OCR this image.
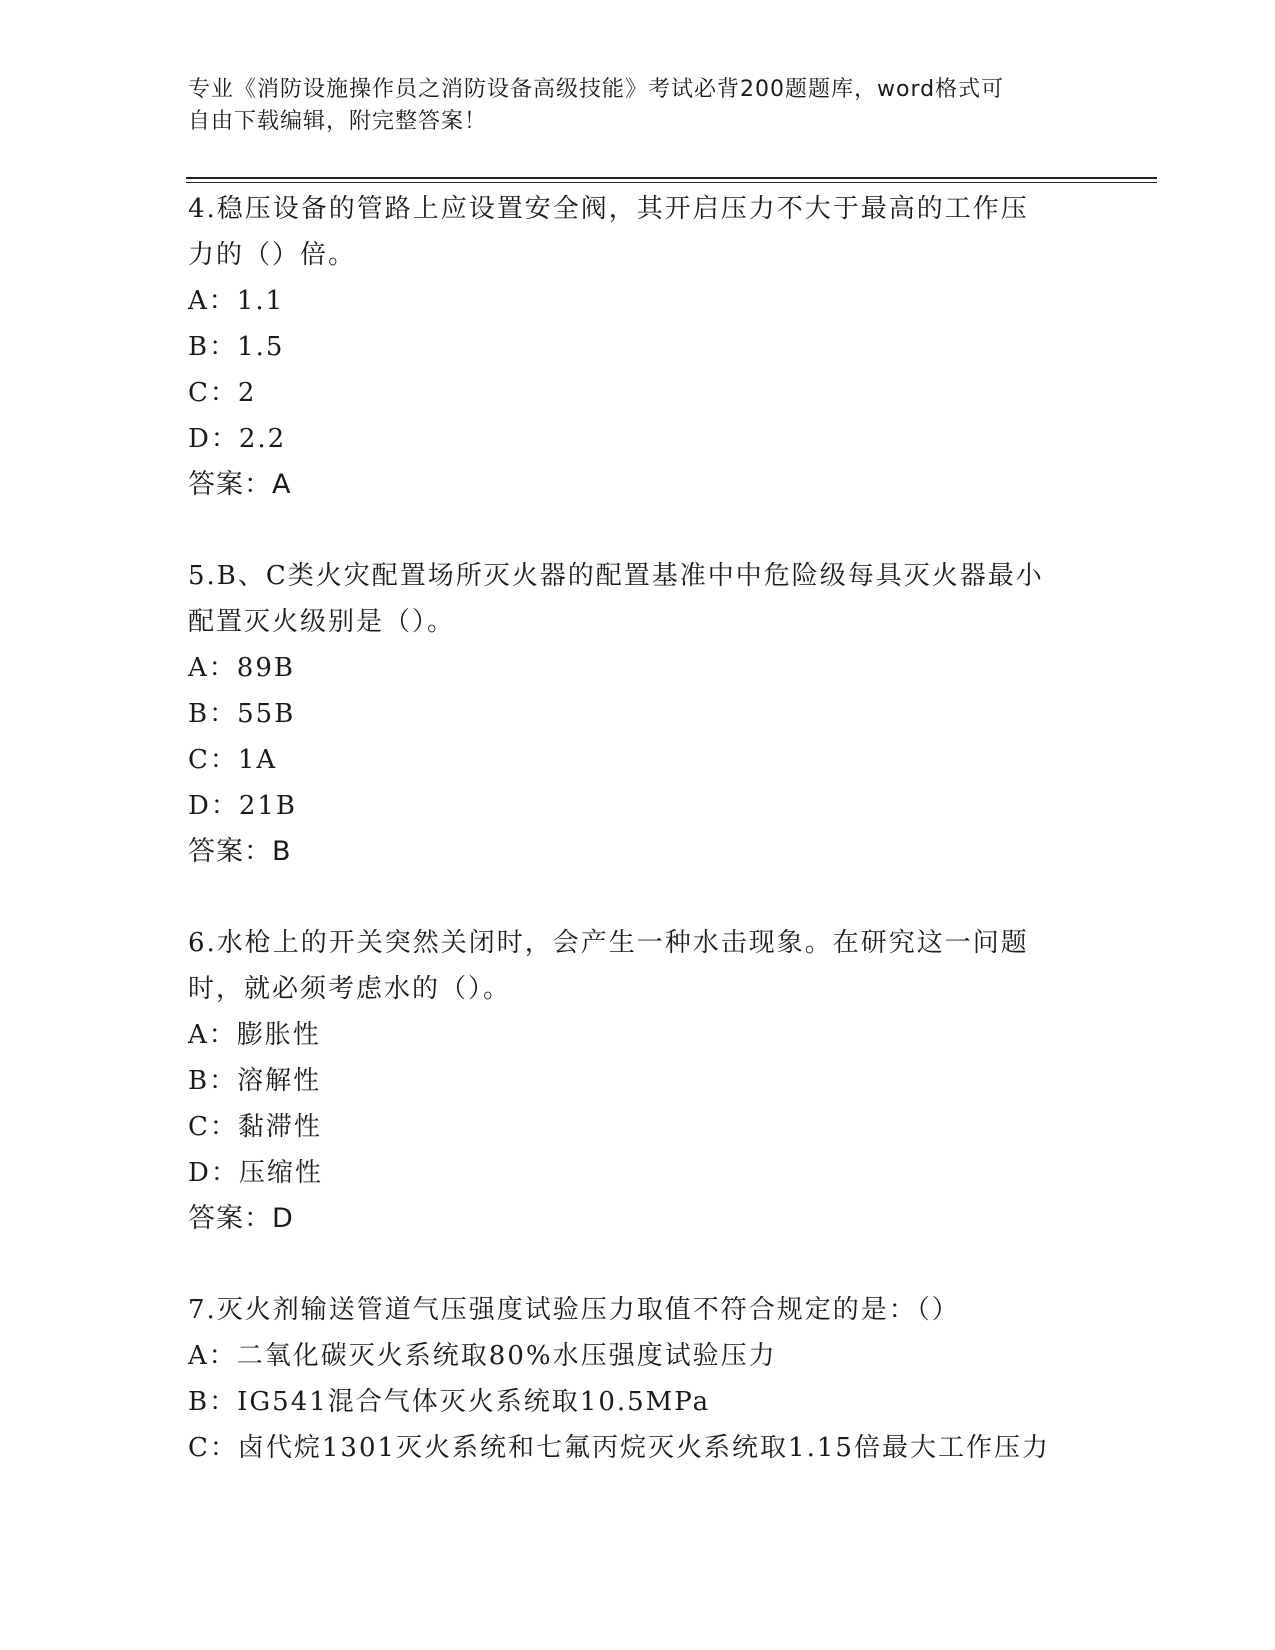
专业《消防设施操作员之消防设备高级技能》考试必背200题题库，word格式可
自由下载编辑，附完整答案！
4.稳压设备的管路上应设置安全阀，其开启压力不大于最高的工作压
力的（）倍。
A：1.1
B：1.5
C：2
D：2.2
答案：A
5.B、C类火灾配置场所灭火器的配置基准中中危险级每具灭火器最小
配置灭火级别是（）。
A：89B
B：55B
C：1A
D：21B
答案：B
6.水枪上的开关突然关闭时，会产生一种水击现象。在研究这一问题
时，就必须考虑水的（）。
A：膨胀性
B：溶解性
C：黏滞性
D：压缩性
答案：D
7.灭火剂输送管道气压强度试验压力取值不符合规定的是：（）
A：二氧化碳灭火系统取80%水压强度试验压力
B：IG541混合气体灭火系统取10.5MPa
C：卤代烷1301灭火系统和七氟丙烷灭火系统取1.15倍最大工作压力
